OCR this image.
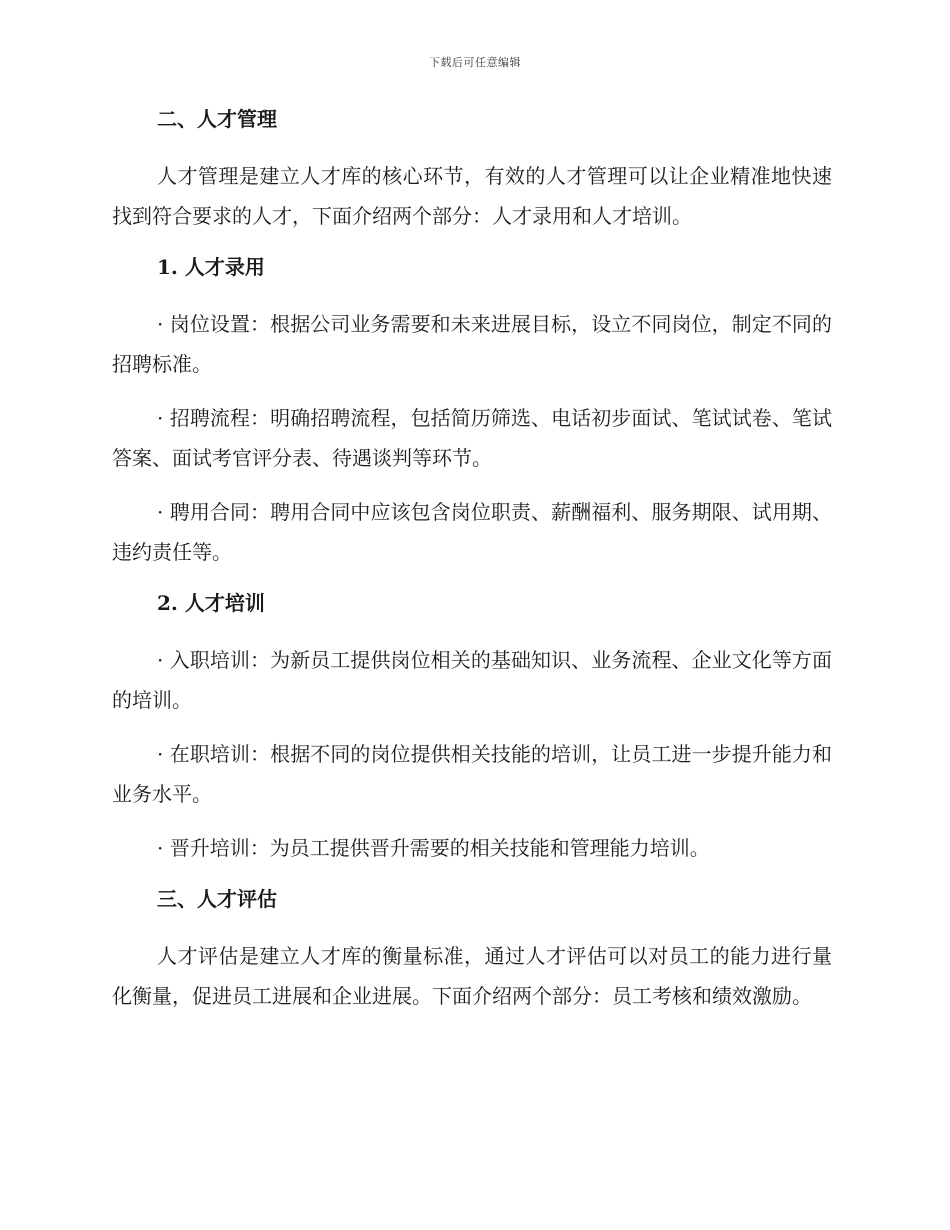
下载后可任意编辑
二、人才管理
人才管理是建立人才库的核心环节，有效的人才管理可以让企业精准地快速找到符合要求的人才，下面介绍两个部分：人才录用和人才培训。
1. 人才录用
· 岗位设置：根据公司业务需要和未来进展目标，设立不同岗位，制定不同的招聘标准。
· 招聘流程：明确招聘流程，包括简历筛选、电话初步面试、笔试试卷、笔试答案、面试考官评分表、待遇谈判等环节。
· 聘用合同：聘用合同中应该包含岗位职责、薪酬福利、服务期限、试用期、违约责任等。
2. 人才培训
· 入职培训：为新员工提供岗位相关的基础知识、业务流程、企业文化等方面的培训。
· 在职培训：根据不同的岗位提供相关技能的培训，让员工进一步提升能力和业务水平。
· 晋升培训：为员工提供晋升需要的相关技能和管理能力培训。
三、人才评估
人才评估是建立人才库的衡量标准，通过人才评估可以对员工的能力进行量化衡量，促进员工进展和企业进展。下面介绍两个部分：员工考核和绩效激励。
